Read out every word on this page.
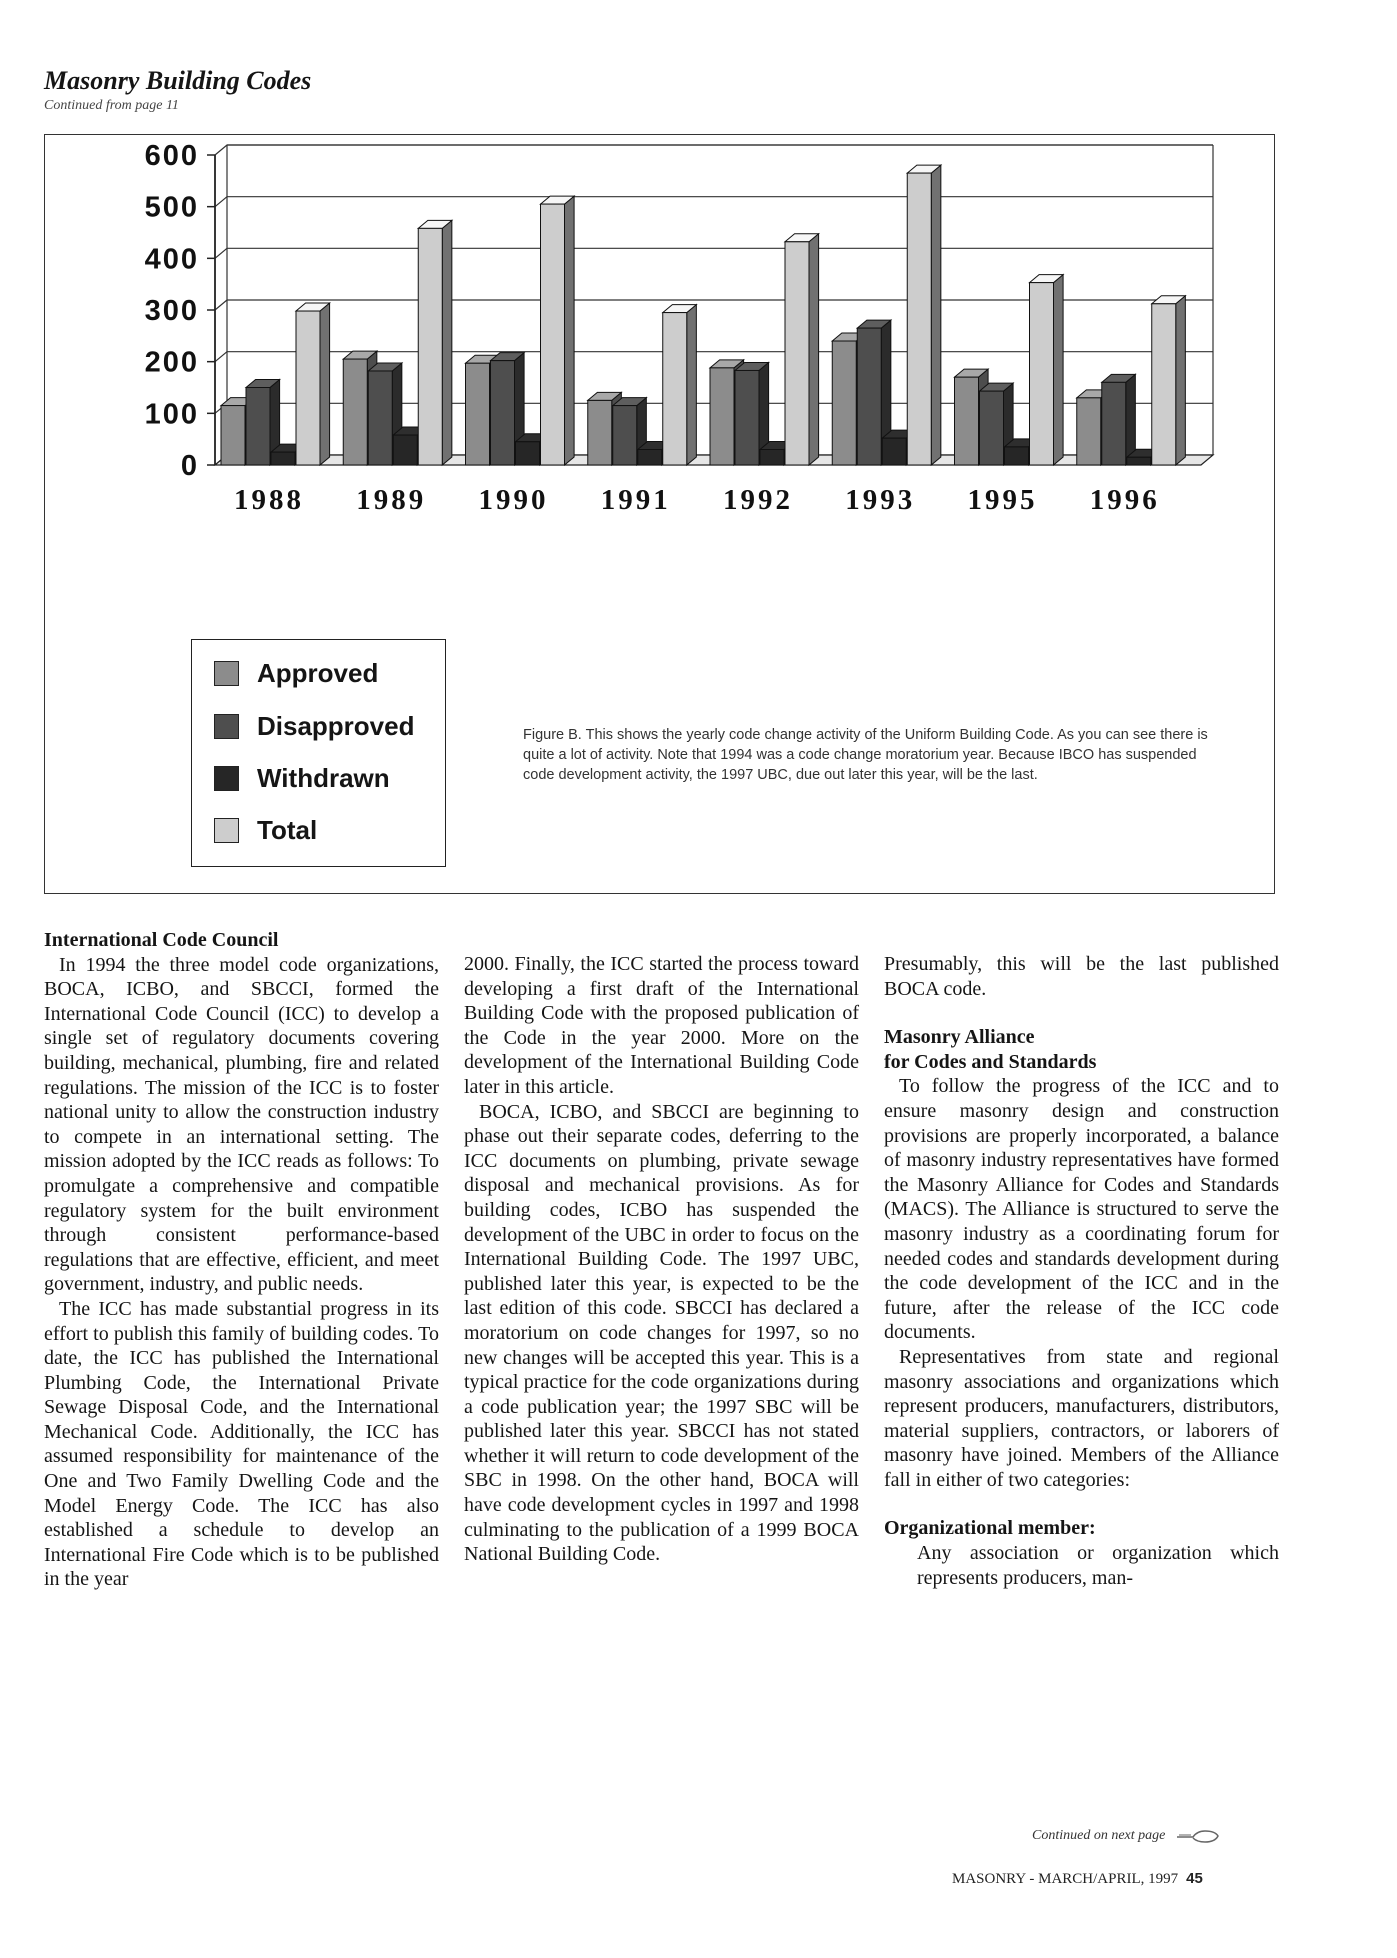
Masonry Building Codes
Continued from page 11
0
100
200
300
400
500
600
1988 1989 1990 1991 1992 1993 1995 1996
Approved
Disapproved
Withdrawn
Total
Figure B. This shows the yearly code change activity of the Uniform Building Code. As you can see there is quite a lot of activity. Note that 1994 was a code change moratorium year. Because IBCO has suspended code development activity, the 1997 UBC, due out later this year, will be the last.
International Code Council

In 1994 the three model code organizations, BOCA, ICBO, and SBCCI, formed the International Code Council (ICC) to develop a single set of regulatory documents covering building, mechanical, plumbing, fire and related regulations. The mission of the ICC is to foster national unity to allow the construction industry to compete in an international setting. The mission adopted by the ICC reads as follows: To promulgate a comprehensive and compatible regulatory system for the built environment through consistent performance-based regulations that are effective, efficient, and meet government, industry, and public needs.

The ICC has made substantial progress in its effort to publish this family of building codes. To date, the ICC has published the International Plumbing Code, the International Private Sewage Disposal Code, and the International Mechanical Code. Additionally, the ICC has assumed responsibility for maintenance of the One and Two Family Dwelling Code and the Model Energy Code. The ICC has also established a schedule to develop an International Fire Code which is to be published in the year

2000. Finally, the ICC started the process toward developing a first draft of the International Building Code with the proposed publication of the Code in the year 2000. More on the development of the International Building Code later in this article.

BOCA, ICBO, and SBCCI are beginning to phase out their separate codes, deferring to the ICC documents on plumbing, private sewage disposal and mechanical provisions. As for building codes, ICBO has suspended the development of the UBC in order to focus on the International Building Code. The 1997 UBC, published later this year, is expected to be the last edition of this code. SBCCI has declared a moratorium on code changes for 1997, so no new changes will be accepted this year. This is a typical practice for the code organizations during a code publication year; the 1997 SBC will be published later this year. SBCCI has not stated whether it will return to code development of the SBC in 1998. On the other hand, BOCA will have code development cycles in 1997 and 1998 culminating to the publication of a 1999 BOCA National Building Code.

Presumably, this will be the last published BOCA code.

Masonry Alliance
for Codes and Standards

To follow the progress of the ICC and to ensure masonry design and construction provisions are properly incorporated, a balance of masonry industry representatives have formed the Masonry Alliance for Codes and Standards (MACS). The Alliance is structured to serve the masonry industry as a coordinating forum for needed codes and standards development during the code development of the ICC and in the future, after the release of the ICC code documents.

Representatives from state and regional masonry associations and organizations which represent producers, manufacturers, distributors, material suppliers, contractors, or laborers of masonry have joined. Members of the Alliance fall in either of two categories:

Organizational member:

Any association or organization which represents producers, man-

Continued on next page
MASONRY - MARCH/APRIL, 1997 45
